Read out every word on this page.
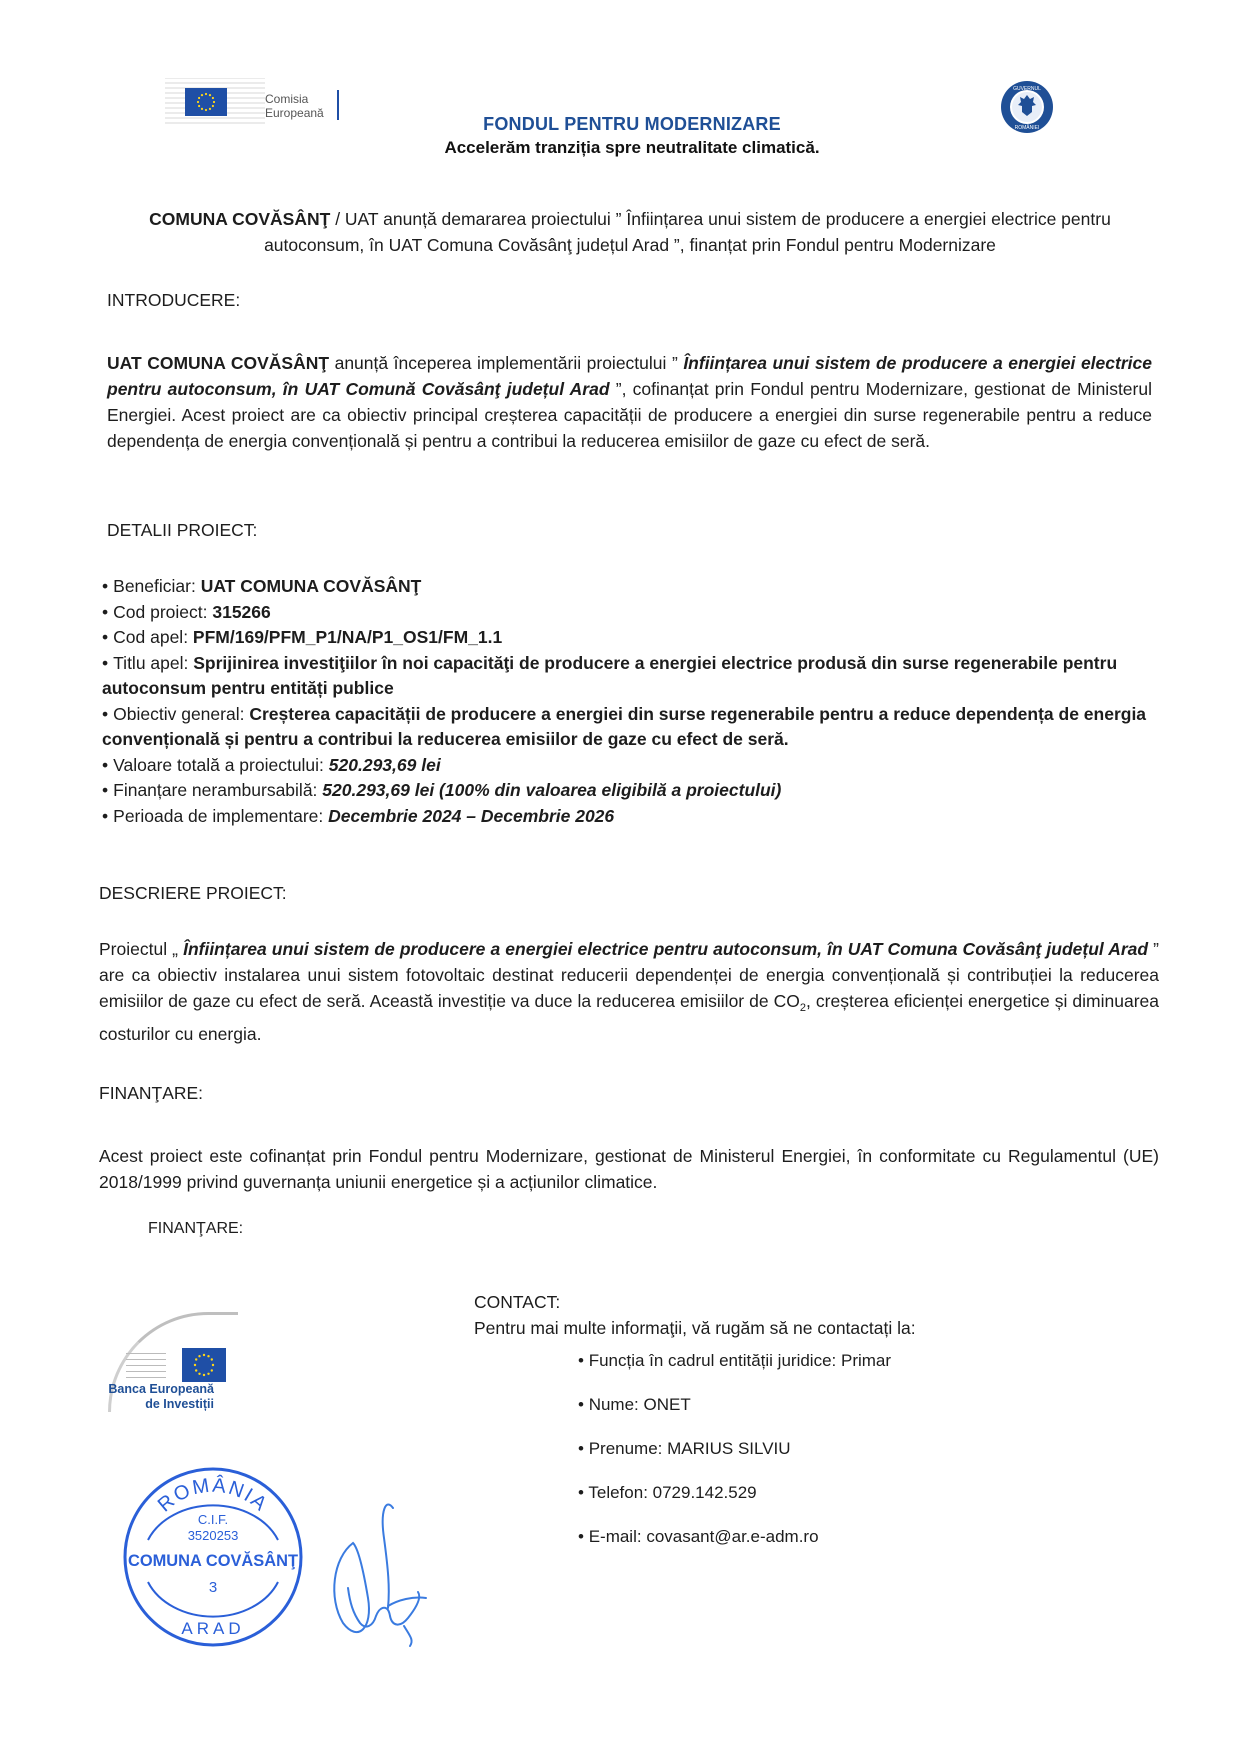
Comisia
Europeană
GUVERNUL
ROMÂNIEI
FONDUL PENTRU MODERNIZARE
Accelerăm tranziția spre neutralitate climatică.
COMUNA COVĂSÂNŢ / UAT anunță demararea proiectului ” Înființarea unui sistem de producere a energiei electrice pentru autoconsum, în UAT Comuna Covăsânţ județul Arad ”, finanțat prin Fondul pentru Modernizare
INTRODUCERE:
UAT COMUNA COVĂSÂNŢ anunță începerea implementării proiectului ” Înființarea unui sistem de producere a energiei electrice pentru autoconsum, în UAT Comună Covăsânţ județul Arad ”, cofinanțat prin Fondul pentru Modernizare, gestionat de Ministerul Energiei. Acest proiect are ca obiectiv principal creșterea capacității de producere a energiei din surse regenerabile pentru a reduce dependența de energia convențională și pentru a contribui la reducerea emisiilor de gaze cu efect de seră.
DETALII PROIECT:
• Beneficiar: UAT COMUNA COVĂSÂNŢ
• Cod proiect: 315266
• Cod apel: PFM/169/PFM_P1/NA/P1_OS1/FM_1.1
• Titlu apel: Sprijinirea investiţiilor în noi capacităţi de producere a energiei electrice produsă din surse regenerabile pentru autoconsum pentru entități publice
• Obiectiv general: Creșterea capacității de producere a energiei din surse regenerabile pentru a reduce dependența de energia convențională și pentru a contribui la reducerea emisiilor de gaze cu efect de seră.
• Valoare totală a proiectului: 520.293,69 lei
• Finanțare nerambursabilă: 520.293,69 lei (100% din valoarea eligibilă a proiectului)
• Perioada de implementare: Decembrie 2024 – Decembrie 2026
DESCRIERE PROIECT:
Proiectul „ Înființarea unui sistem de producere a energiei electrice pentru autoconsum, în UAT Comuna Covăsânţ județul Arad ” are ca obiectiv instalarea unui sistem fotovoltaic destinat reducerii dependenței de energia convențională și contribuției la reducerea emisiilor de gaze cu efect de seră. Această investiție va duce la reducerea emisiilor de $CO_2$, creșterea eficienței energetice și diminuarea costurilor cu energia.
FINANŢARE:
Acest proiect este cofinanțat prin Fondul pentru Modernizare, gestionat de Ministerul Energiei, în conformitate cu Regulamentul (UE) 2018/1999 privind guvernanța uniunii energetice și a acțiunilor climatice.
FINANŢARE:
Banca Europeană
de Investiții
CONTACT:
Pentru mai multe informaţii, vă rugăm să ne contactați la:
• Funcția în cadrul entității juridice: Primar
• Nume: ONET
• Prenume: MARIUS SILVIU
• Telefon: 0729.142.529
• E-mail: covasant@ar.e-adm.ro
ROMÂNIA
C.I.F.
3520253
COMUNA COVĂSÂNŢ
3
ARAD
